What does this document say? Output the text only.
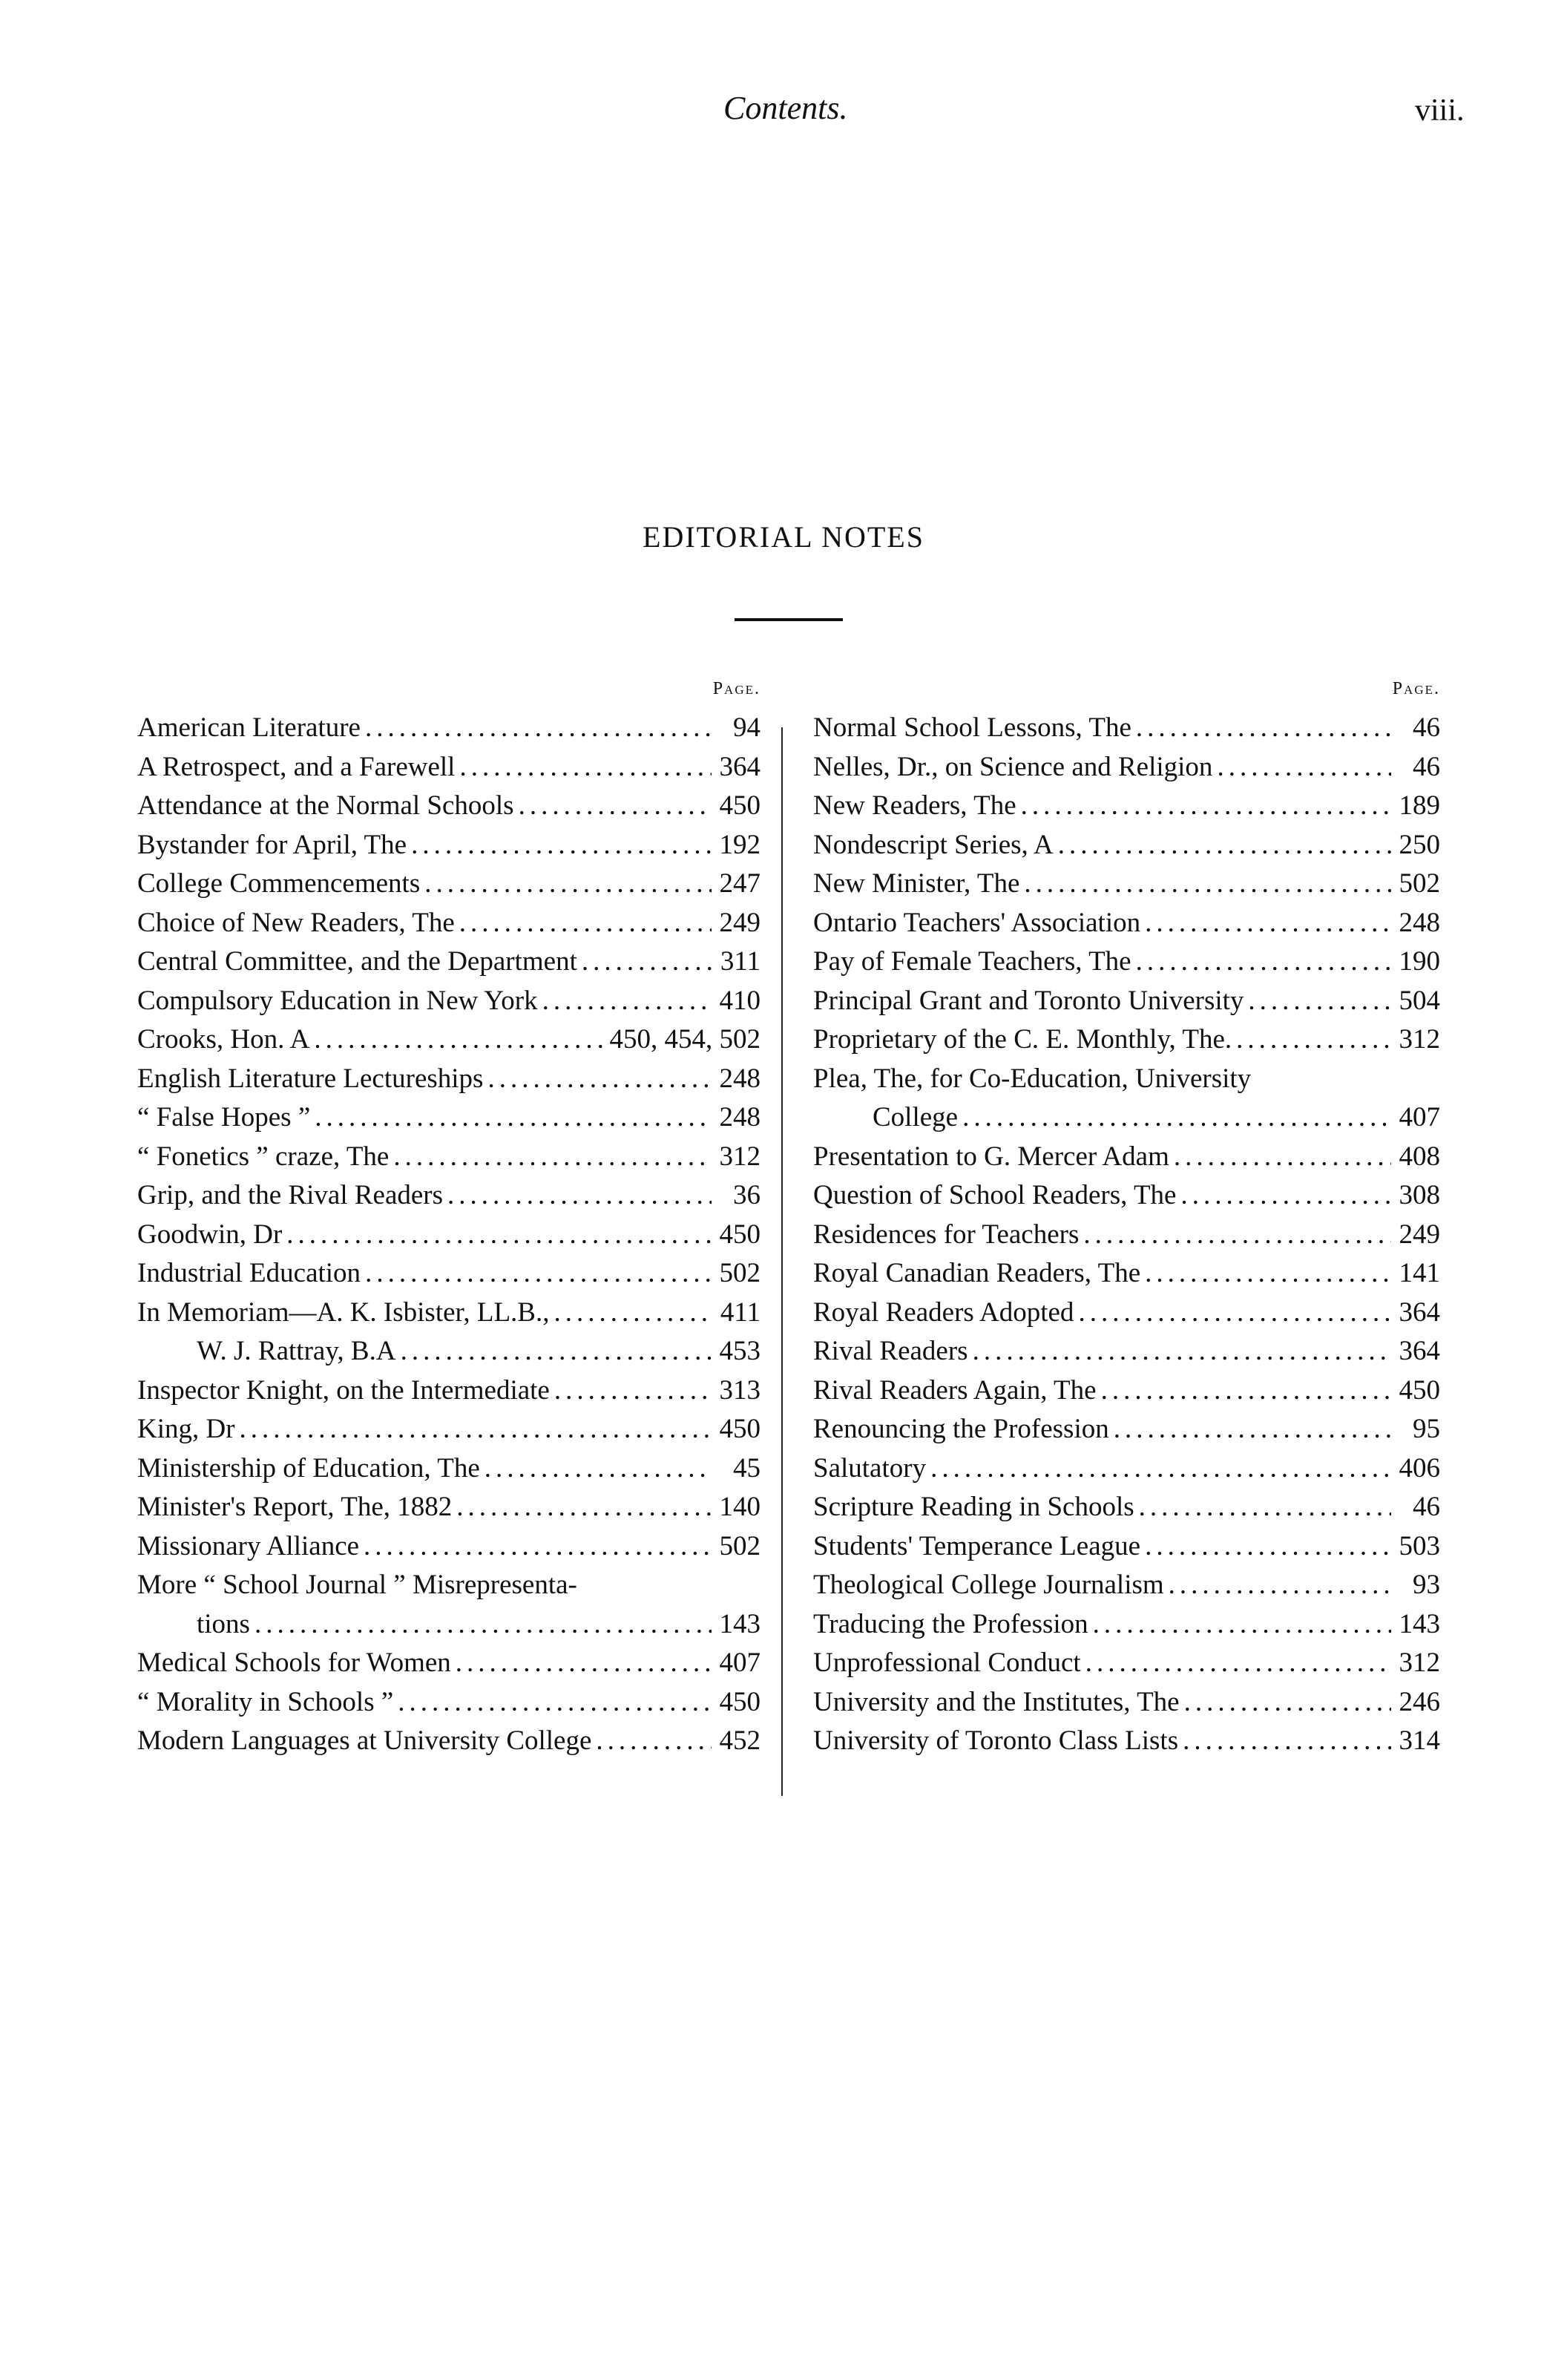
Contents.	viii.
EDITORIAL NOTES
Page.
American Literature .....	94
A Retrospect, and a Farewell .....	364
Attendance at the Normal Schools .....	450
Bystander for April, The .....	192
College Commencements .....	247
Choice of New Readers, The .....	249
Central Committee, and the Department .....	311
Compulsory Education in New York .....	410
Crooks, Hon. A .....	450, 454, 502
English Literature Lectureships .....	248
“ False Hopes ” .....	248
“ Fonetics ” craze, The .....	312
Grip, and the Rival Readers .....	36
Goodwin, Dr .....	450
Industrial Education .....	502
In Memoriam—A. K. Isbister, LL.B., .....	411
W. J. Rattray, B.A .....	453
Inspector Knight, on the Intermediate .....	313
King, Dr .....	450
Ministership of Education, The .....	45
Minister's Report, The, 1882 .....	140
Missionary Alliance .....	502
More “ School Journal ” Misrepresenta-
tions .....	143
Medical Schools for Women .....	407
“ Morality in Schools ” .....	450
Modern Languages at University College .....	452
Page.
Normal School Lessons, The .....	46
Nelles, Dr., on Science and Religion .....	46
New Readers, The .....	189
Nondescript Series, A .....	250
New Minister, The .....	502
Ontario Teachers' Association .....	248
Pay of Female Teachers, The .....	190
Principal Grant and Toronto University .....	504
Proprietary of the C. E. Monthly, The. .....	312
Plea, The, for Co-Education, University
College .....	407
Presentation to G. Mercer Adam .....	408
Question of School Readers, The .....	308
Residences for Teachers .....	249
Royal Canadian Readers, The .....	141
Royal Readers Adopted .....	364
Rival Readers .....	364
Rival Readers Again, The .....	450
Renouncing the Profession .....	95
Salutatory .....	406
Scripture Reading in Schools .....	46
Students' Temperance League .....	503
Theological College Journalism .....	93
Traducing the Profession .....	143
Unprofessional Conduct .....	312
University and the Institutes, The .....	246
University of Toronto Class Lists .....	314
